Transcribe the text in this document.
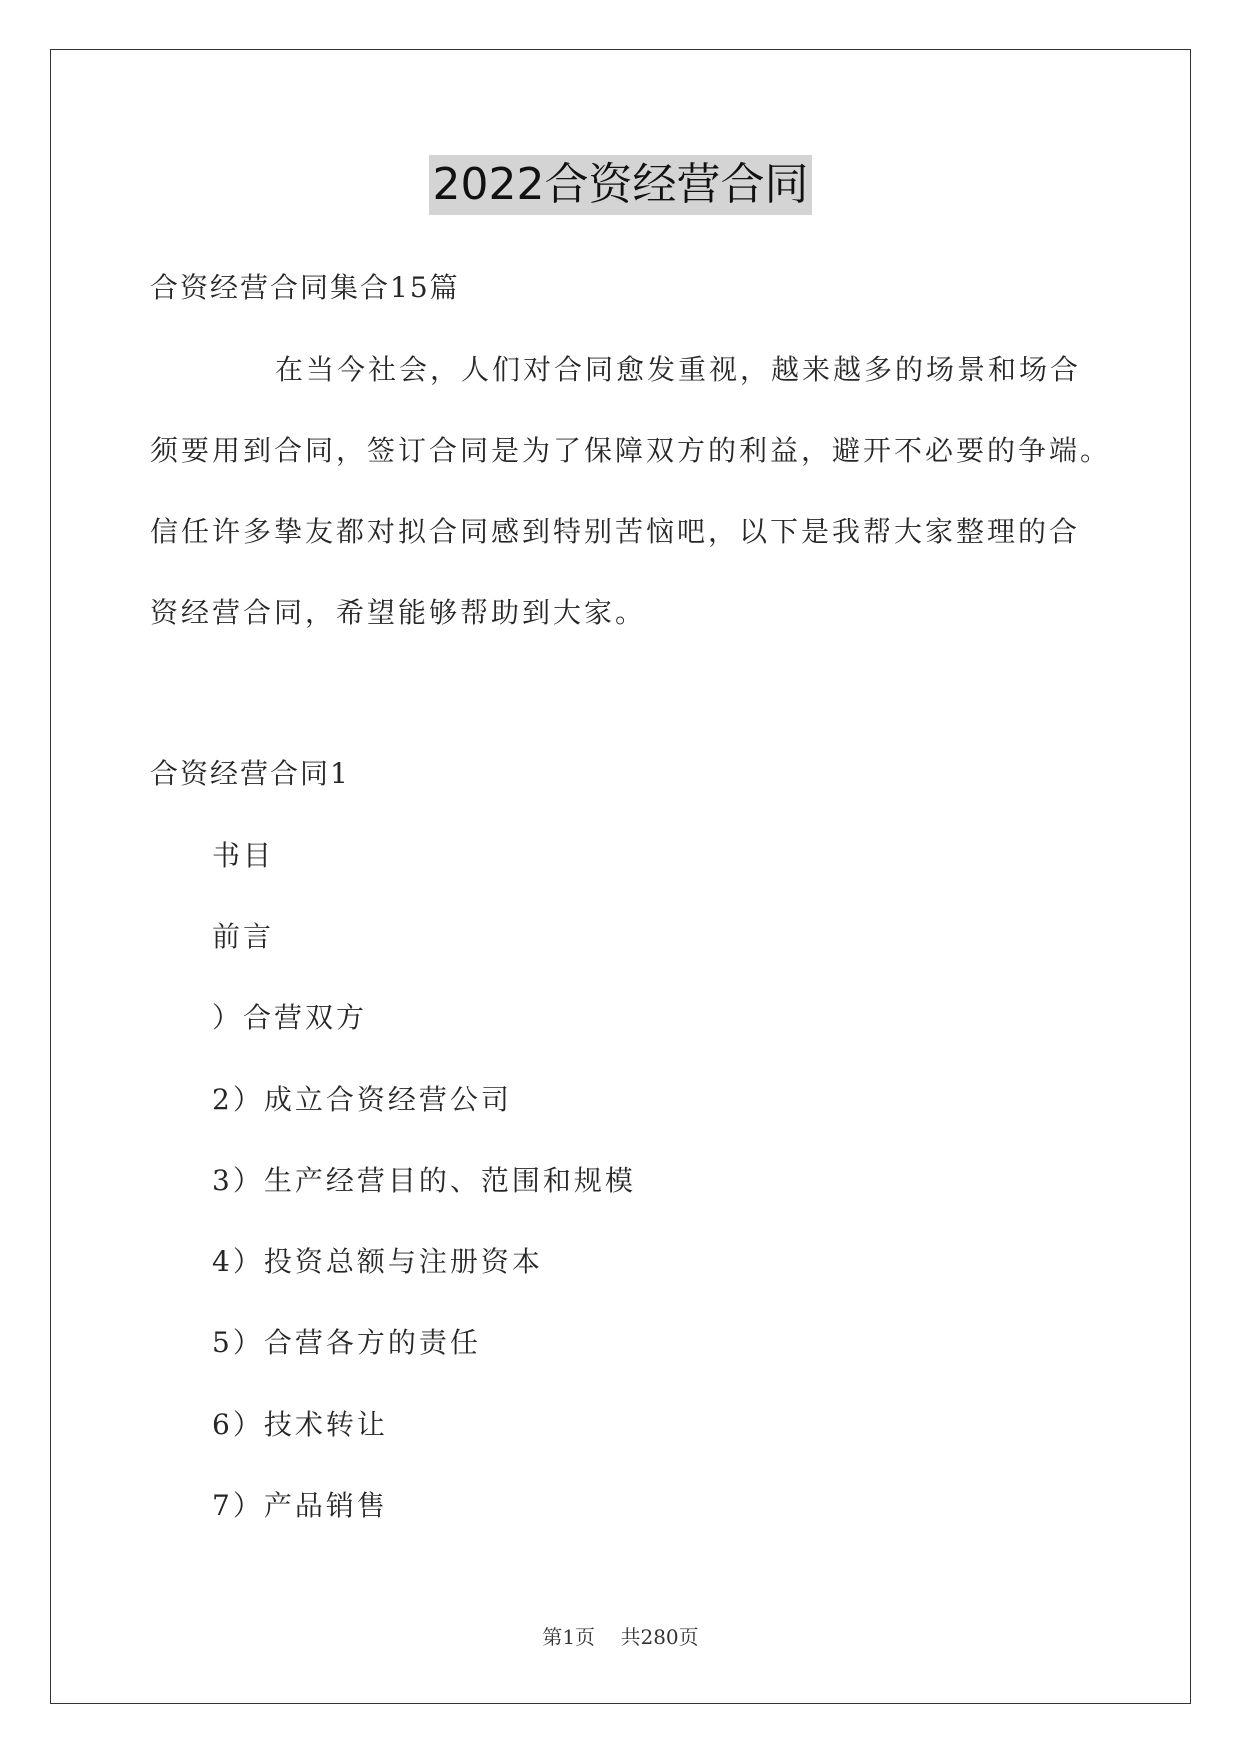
2022合资经营合同
合资经营合同集合15篇
在当今社会，人们对合同愈发重视，越来越多的场景和场合
须要用到合同，签订合同是为了保障双方的利益，避开不必要的争端。
信任许多挚友都对拟合同感到特别苦恼吧，以下是我帮大家整理的合
资经营合同，希望能够帮助到大家。
合资经营合同1
书目
前言
）合营双方
2）成立合资经营公司
3）生产经营目的、范围和规模
4）投资总额与注册资本
5）合营各方的责任
6）技术转让
7）产品销售
第1页    共280页
